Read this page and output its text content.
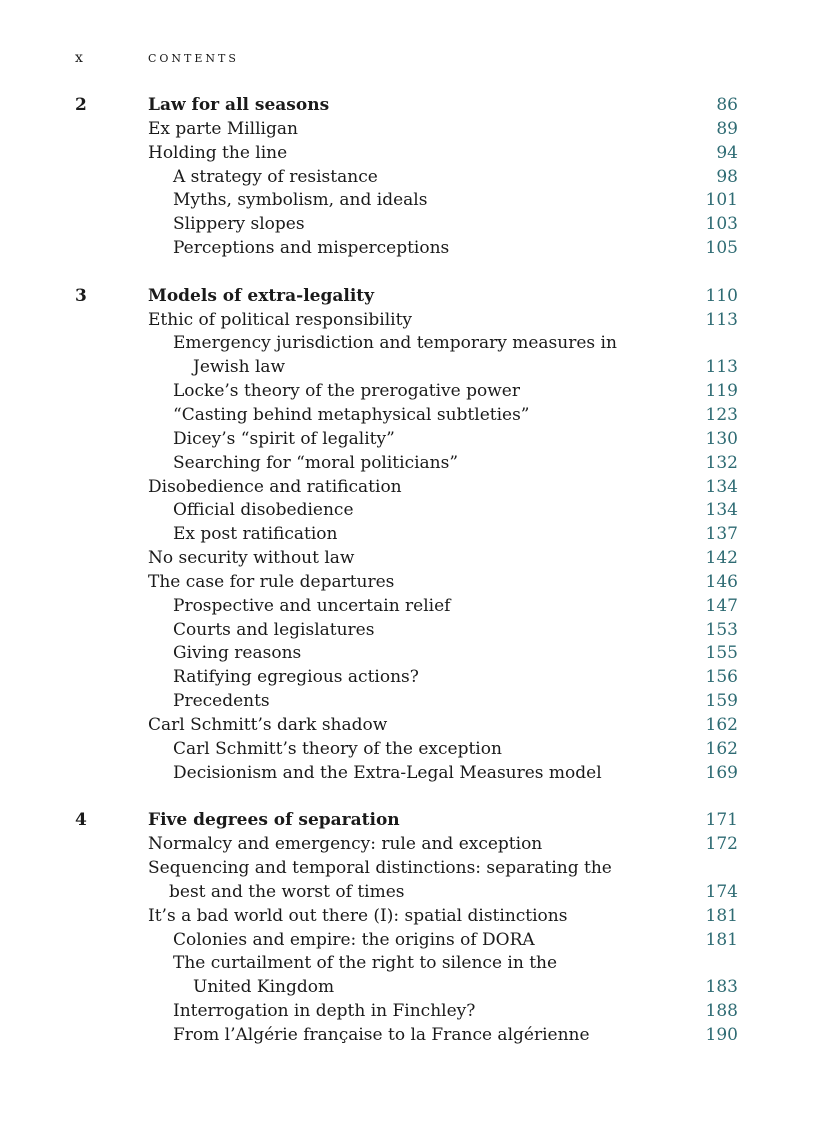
x	CONTENTS
2	Law for all seasons	86
Ex parte Milligan	89
Holding the line	94
A strategy of resistance	98
Myths, symbolism, and ideals	101
Slippery slopes	103
Perceptions and misperceptions	105
3	Models of extra-legality	110
Ethic of political responsibility	113
Emergency jurisdiction and temporary measures in
Jewish law	113
Locke’s theory of the prerogative power	119
“Casting behind metaphysical subtleties”	123
Dicey’s “spirit of legality”	130
Searching for “moral politicians”	132
Disobedience and ratification	134
Official disobedience	134
Ex post ratification	137
No security without law	142
The case for rule departures	146
Prospective and uncertain relief	147
Courts and legislatures	153
Giving reasons	155
Ratifying egregious actions?	156
Precedents	159
Carl Schmitt’s dark shadow	162
Carl Schmitt’s theory of the exception	162
Decisionism and the Extra-Legal Measures model	169
4	Five degrees of separation	171
Normalcy and emergency: rule and exception	172
Sequencing and temporal distinctions: separating the
best and the worst of times	174
It’s a bad world out there (I): spatial distinctions	181
Colonies and empire: the origins of DORA	181
The curtailment of the right to silence in the
United Kingdom	183
Interrogation in depth in Finchley?	188
From l’Algérie française to la France algérienne	190
